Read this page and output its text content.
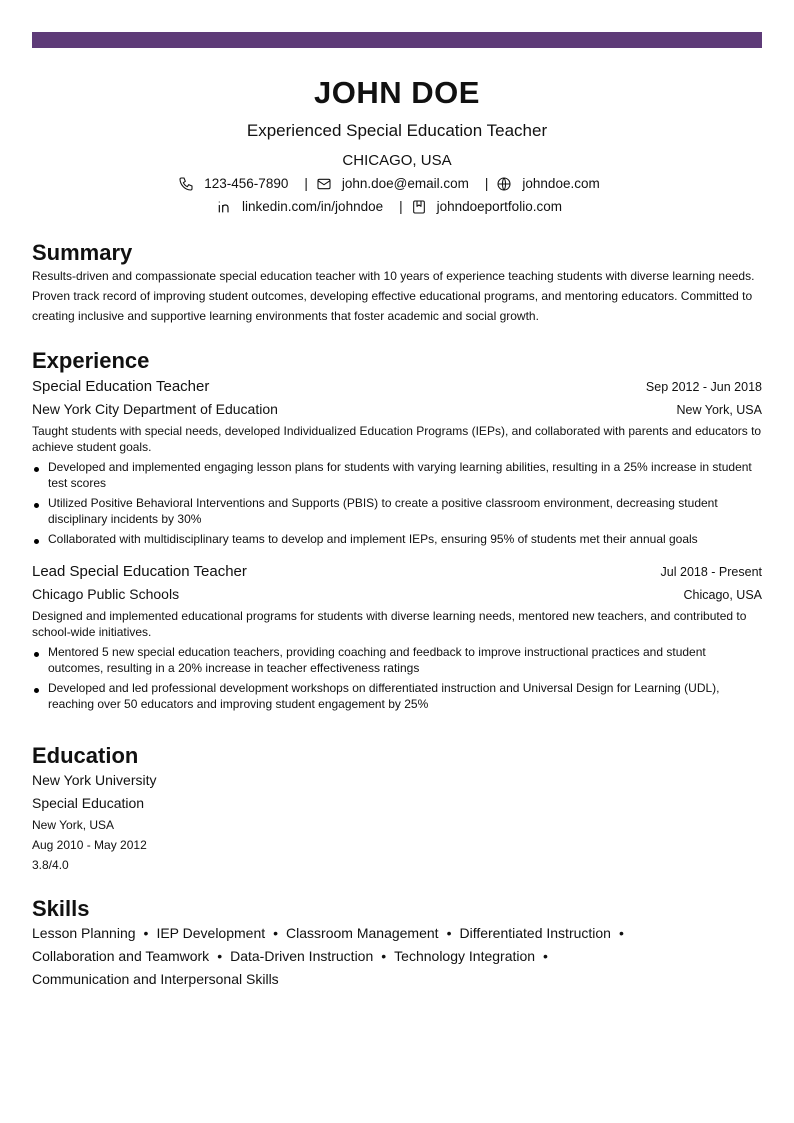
JOHN DOE
Experienced Special Education Teacher
CHICAGO, USA
123-456-7890 |	john.doe@email.com |	johndoe.com
linkedin.com/in/johndoe |	johndoeportfolio.com
Summary
Results-driven and compassionate special education teacher with 10 years of experience teaching students with diverse learning needs. Proven track record of improving student outcomes, developing effective educational programs, and mentoring educators. Committed to creating inclusive and supportive learning environments that foster academic and social growth.
Experience
Special Education Teacher	Sep 2012 - Jun 2018
New York City Department of Education	New York, USA
Taught students with special needs, developed Individualized Education Programs (IEPs), and collaborated with parents and educators to achieve student goals.
Developed and implemented engaging lesson plans for students with varying learning abilities, resulting in a 25% increase in student test scores
Utilized Positive Behavioral Interventions and Supports (PBIS) to create a positive classroom environment, decreasing student disciplinary incidents by 30%
Collaborated with multidisciplinary teams to develop and implement IEPs, ensuring 95% of students met their annual goals
Lead Special Education Teacher	Jul 2018 - Present
Chicago Public Schools	Chicago, USA
Designed and implemented educational programs for students with diverse learning needs, mentored new teachers, and contributed to school-wide initiatives.
Mentored 5 new special education teachers, providing coaching and feedback to improve instructional practices and student outcomes, resulting in a 20% increase in teacher effectiveness ratings
Developed and led professional development workshops on differentiated instruction and Universal Design for Learning (UDL), reaching over 50 educators and improving student engagement by 25%
Education
New York University
Special Education
New York, USA
Aug 2010 - May 2012
3.8/4.0
Skills
Lesson Planning • IEP Development • Classroom Management • Differentiated Instruction •
Collaboration and Teamwork • Data-Driven Instruction • Technology Integration •
Communication and Interpersonal Skills
